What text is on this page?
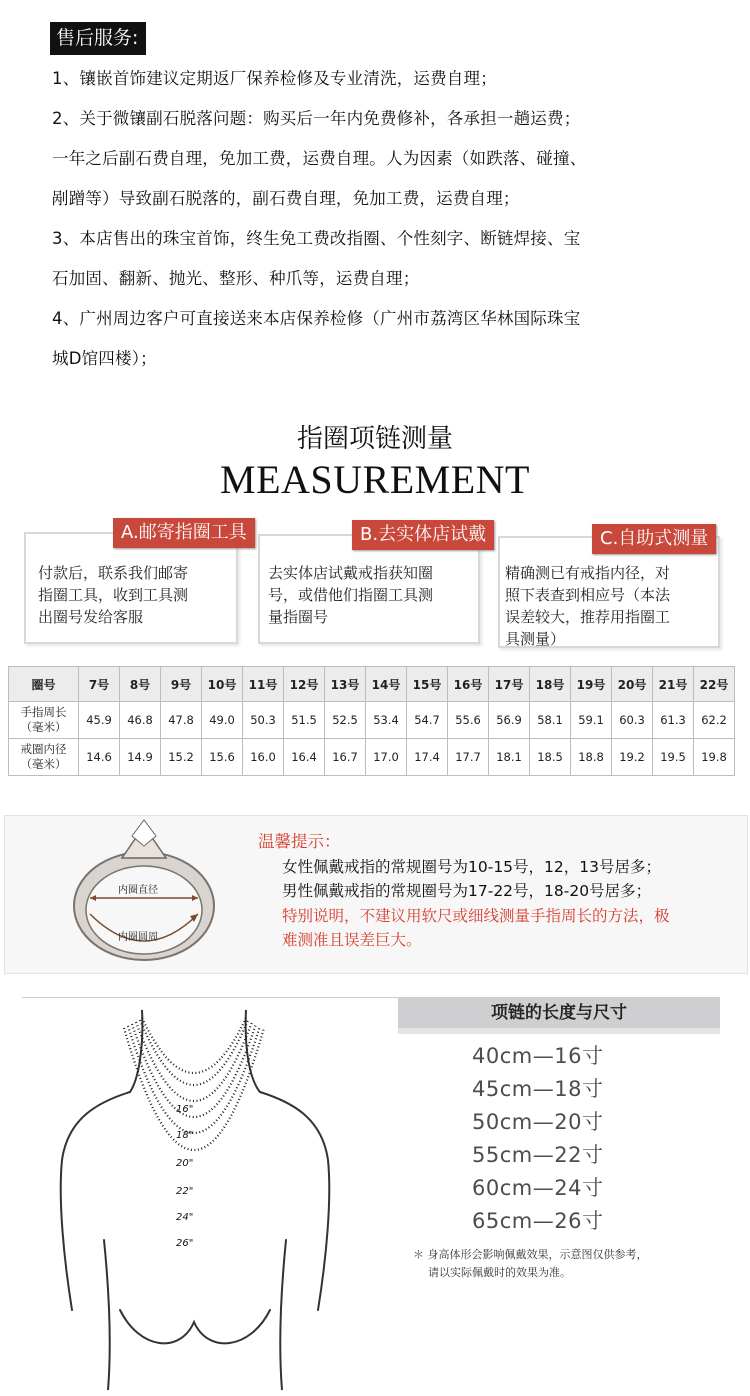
售后服务:
1、镶嵌首饰建议定期返厂保养检修及专业清洗，运费自理；
2、关于微镶副石脱落问题：购买后一年内免费修补，各承担一趟运费；
一年之后副石费自理，免加工费，运费自理。人为因素（如跌落、碰撞、
剐蹭等）导致副石脱落的，副石费自理，免加工费，运费自理；
3、本店售出的珠宝首饰，终生免工费改指圈、个性刻字、断链焊接、宝
石加固、翻新、抛光、整形、种爪等，运费自理；
4、广州周边客户可直接送来本店保养检修（广州市荔湾区华林国际珠宝
城D馆四楼）；
指圈项链测量
MEASUREMENT
A.邮寄指圈工具
付款后，联系我们邮寄
指圈工具，收到工具测
出圈号发给客服
B.去实体店试戴
去实体店试戴戒指获知圈
号，或借他们指圈工具测
量指圈号
C.自助式测量
精确测已有戒指内径，对
照下表查到相应号（本法
误差较大，推荐用指圈工
具测量）
圈号	7号	8号	9号	10号	11号	12号	13号	14号	15号	16号	17号	18号	19号	20号	21号	22号

手指周长
（毫米）	45.9	46.8	47.8	49.0	50.3	51.5	52.5	53.4	54.7	55.6	56.9	58.1	59.1	60.3	61.3	62.2

戒圈内径
（毫米）	14.6	14.9	15.2	15.6	16.0	16.4	16.7	17.0	17.4	17.7	18.1	18.5	18.8	19.2	19.5	19.8
内圈直径
内圈圆周
温馨提示：
女性佩戴戒指的常规圈号为10-15号，12，13号居多；
男性佩戴戒指的常规圈号为17-22号，18-20号居多；
特别说明，不建议用软尺或细线测量手指周长的方法，极
难测准且误差巨大。
16"
18"
20"
22"
24"
26"
项链的长度与尺寸
40cm—16寸
45cm—18寸
50cm—20寸
55cm—22寸
60cm—24寸
65cm—26寸
＊ 身高体形会影响佩戴效果，示意图仅供参考，
请以实际佩戴时的效果为准。
